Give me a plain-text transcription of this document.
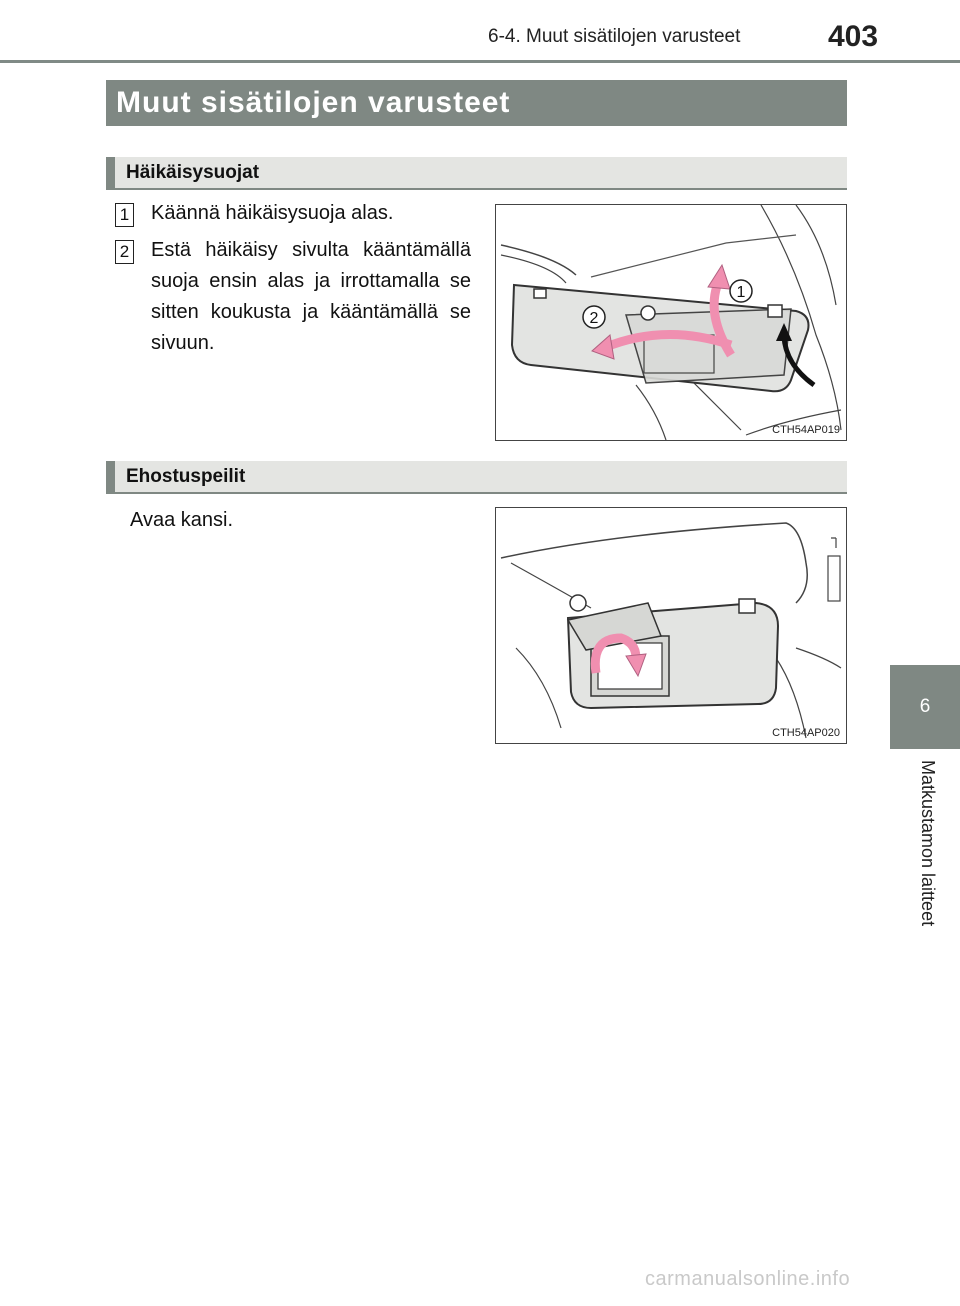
6-4. Muut sisätilojen varusteet	403
Muut sisätilojen varusteet
Häikäisysuojat
1 Käännä häikäisysuoja alas.
2 Estä häikäisy sivulta kääntämällä suoja ensin alas ja irrottamalla se sitten koukusta ja kääntämällä se sivuun.
1
2
CTH54AP019
Ehostuspeilit
Avaa kansi.
CTH54AP020
6
Matkustamon laitteet
carmanualsonline.info
